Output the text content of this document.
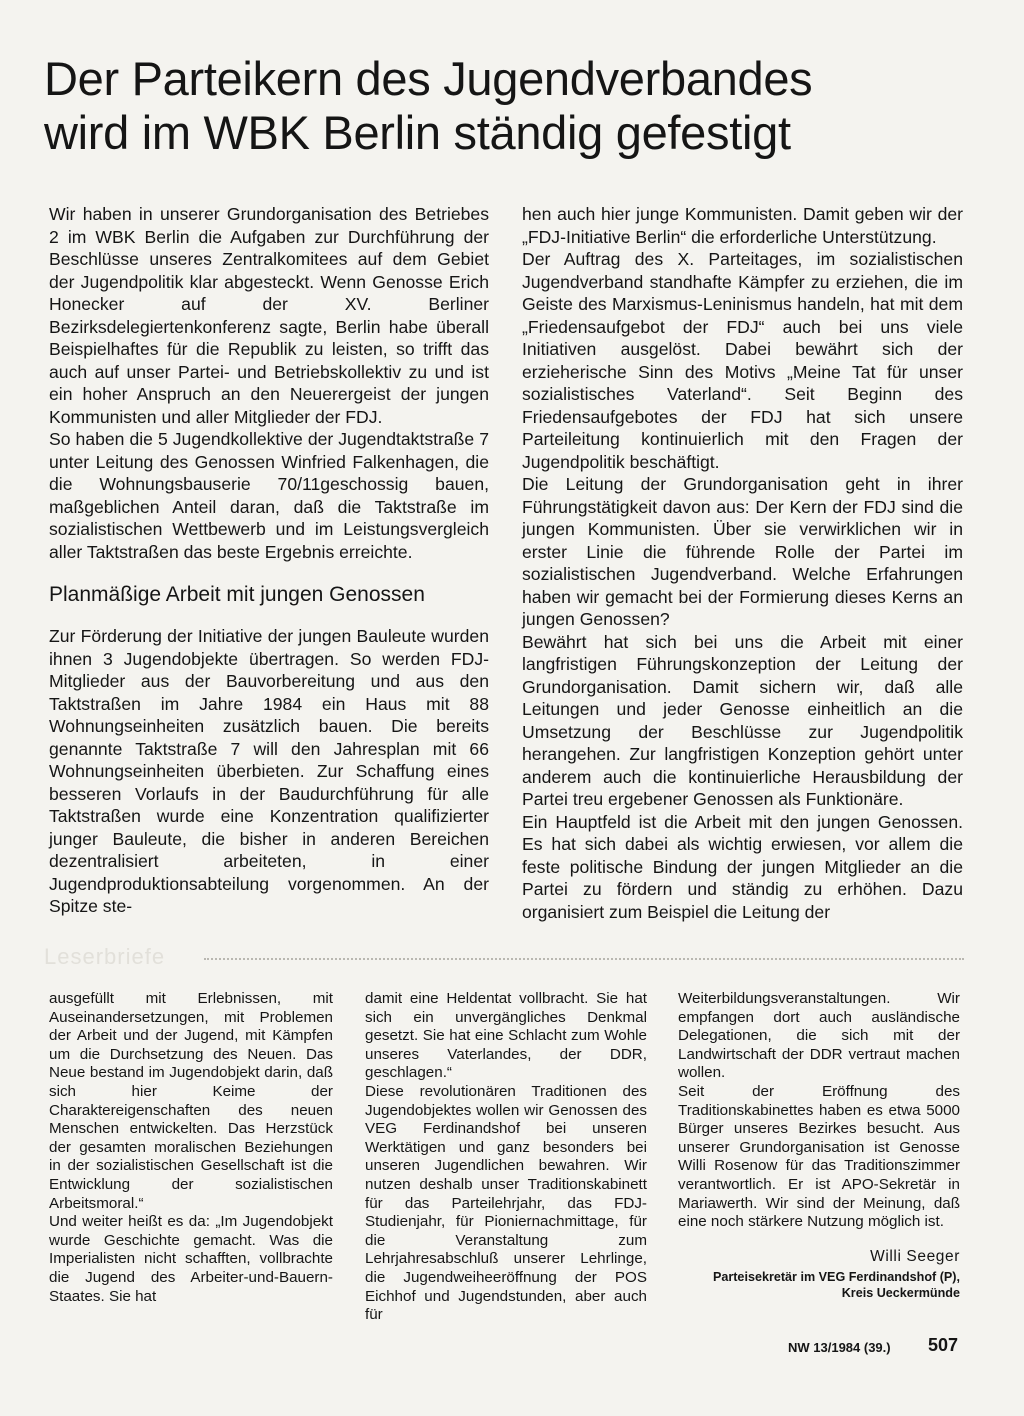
Der Parteikern des Jugendverbandes
wird im WBK Berlin ständig gefestigt

Wir haben in unserer Grundorganisation des Betriebes 2 im WBK Berlin die Aufgaben zur Durchführung der Beschlüsse unseres Zentralkomitees auf dem Gebiet der Jugendpolitik klar abgesteckt. Wenn Genosse Erich Honecker auf der XV. Berliner Bezirksdelegiertenkonferenz sagte, Berlin habe überall Beispielhaftes für die Republik zu leisten, so trifft das auch auf unser Partei- und Betriebskollektiv zu und ist ein hoher Anspruch an den Neuerergeist der jungen Kommunisten und aller Mitglieder der FDJ.

So haben die 5 Jugendkollektive der Jugendtaktstraße 7 unter Leitung des Genossen Winfried Falkenhagen, die die Wohnungsbauserie 70/11geschossig bauen, maßgeblichen Anteil daran, daß die Taktstraße im sozialistischen Wettbewerb und im Leistungsvergleich aller Taktstraßen das beste Ergebnis erreichte.

Planmäßige Arbeit mit jungen Genossen

Zur Förderung der Initiative der jungen Bauleute wurden ihnen 3 Jugendobjekte übertragen. So werden FDJ-Mitglieder aus der Bauvorbereitung und aus den Taktstraßen im Jahre 1984 ein Haus mit 88 Wohnungseinheiten zusätzlich bauen. Die bereits genannte Taktstraße 7 will den Jahresplan mit 66 Wohnungseinheiten überbieten. Zur Schaffung eines besseren Vorlaufs in der Baudurchführung für alle Taktstraßen wurde eine Konzentration qualifizierter junger Bauleute, die bisher in anderen Bereichen dezentralisiert arbeiteten, in einer Jugendproduktionsabteilung vorgenommen. An der Spitze ste-

hen auch hier junge Kommunisten. Damit geben wir der „FDJ-Initiative Berlin“ die erforderliche Unterstützung.

Der Auftrag des X. Parteitages, im sozialistischen Jugendverband standhafte Kämpfer zu erziehen, die im Geiste des Marxismus-Leninismus handeln, hat mit dem „Friedensaufgebot der FDJ“ auch bei uns viele Initiativen ausgelöst. Dabei bewährt sich der erzieherische Sinn des Motivs „Meine Tat für unser sozialistisches Vaterland“. Seit Beginn des Friedensaufgebotes der FDJ hat sich unsere Parteileitung kontinuierlich mit den Fragen der Jugendpolitik beschäftigt.

Die Leitung der Grundorganisation geht in ihrer Führungstätigkeit davon aus: Der Kern der FDJ sind die jungen Kommunisten. Über sie verwirklichen wir in erster Linie die führende Rolle der Partei im sozialistischen Jugendverband. Welche Erfahrungen haben wir gemacht bei der Formierung dieses Kerns an jungen Genossen?

Bewährt hat sich bei uns die Arbeit mit einer langfristigen Führungskonzeption der Leitung der Grundorganisation. Damit sichern wir, daß alle Leitungen und jeder Genosse einheitlich an die Umsetzung der Beschlüsse zur Jugendpolitik herangehen. Zur langfristigen Konzeption gehört unter anderem auch die kontinuierliche Herausbildung der Partei treu ergebener Genossen als Funktionäre.

Ein Hauptfeld ist die Arbeit mit den jungen Genossen. Es hat sich dabei als wichtig erwiesen, vor allem die feste politische Bindung der jungen Mitglieder an die Partei zu fördern und ständig zu erhöhen. Dazu organisiert zum Beispiel die Leitung der

Leserbriefe

ausgefüllt mit Erlebnissen, mit Auseinandersetzungen, mit Problemen der Arbeit und der Jugend, mit Kämpfen um die Durchsetzung des Neuen. Das Neue bestand im Jugendobjekt darin, daß sich hier Keime der Charaktereigenschaften des neuen Menschen entwickelten. Das Herzstück der gesamten moralischen Beziehungen in der sozialistischen Gesellschaft ist die Entwicklung der sozialistischen Arbeitsmoral.“

Und weiter heißt es da: „Im Jugendobjekt wurde Geschichte gemacht. Was die Imperialisten nicht schafften, vollbrachte die Jugend des Arbeiter-und-Bauern-Staates. Sie hat

damit eine Heldentat vollbracht. Sie hat sich ein unvergängliches Denkmal gesetzt. Sie hat eine Schlacht zum Wohle unseres Vaterlandes, der DDR, geschlagen.“

Diese revolutionären Traditionen des Jugendobjektes wollen wir Genossen des VEG Ferdinandshof bei unseren Werktätigen und ganz besonders bei unseren Jugendlichen bewahren. Wir nutzen deshalb unser Traditionskabinett für das Parteilehrjahr, das FDJ-Studienjahr, für Pioniernachmittage, für die Veranstaltung zum Lehrjahresabschluß unserer Lehrlinge, die Jugendweiheeröffnung der POS Eichhof und Jugendstunden, aber auch für

Weiterbildungsveranstaltungen. Wir empfangen dort auch ausländische Delegationen, die sich mit der Landwirtschaft der DDR vertraut machen wollen.

Seit der Eröffnung des Traditionskabinettes haben es etwa 5000 Bürger unseres Bezirkes besucht. Aus unserer Grundorganisation ist Genosse Willi Rosenow für das Traditionszimmer verantwortlich. Er ist APO-Sekretär in Mariawerth. Wir sind der Meinung, daß eine noch stärkere Nutzung möglich ist.

Willi Seeger

Parteisekretär im VEG Ferdinandshof (P),

Kreis Ueckermünde

NW 13/1984 (39.) 507
